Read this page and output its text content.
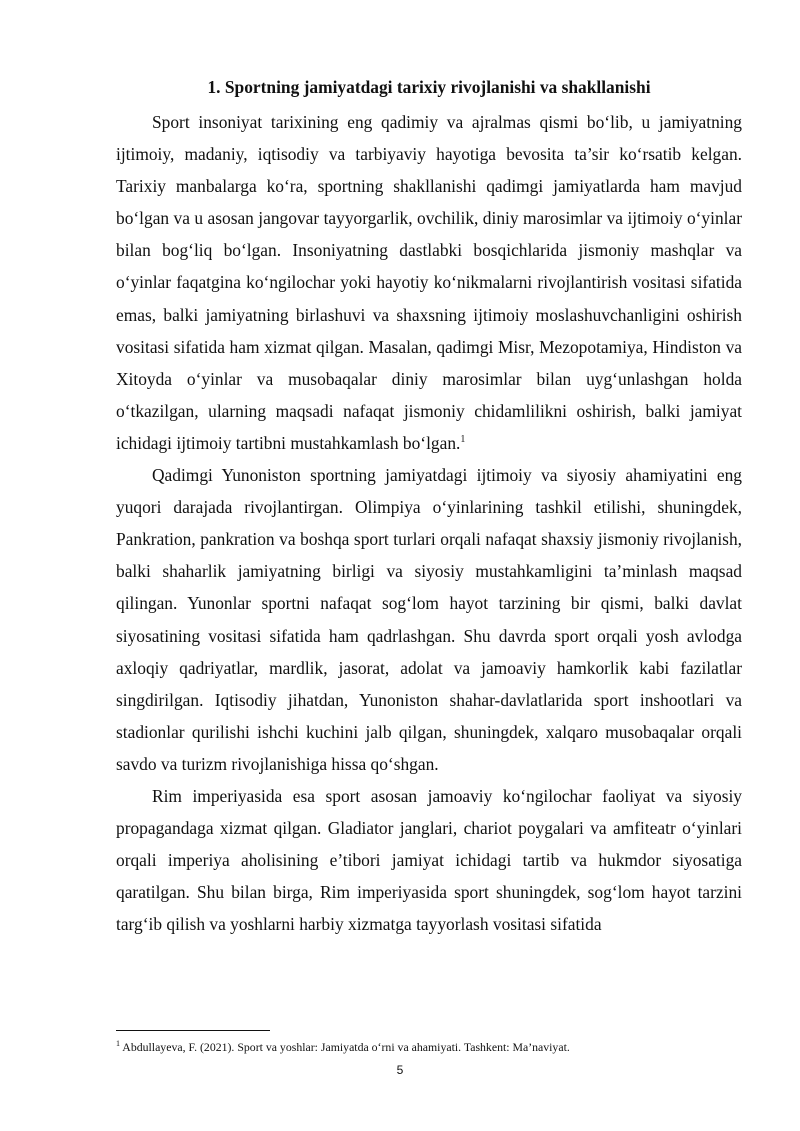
1. Sportning jamiyatdagi tarixiy rivojlanishi va shakllanishi

Sport insoniyat tarixining eng qadimiy va ajralmas qismi bo‘lib, u jamiyatning ijtimoiy, madaniy, iqtisodiy va tarbiyaviy hayotiga bevosita ta’sir ko‘rsatib kelgan. Tarixiy manbalarga ko‘ra, sportning shakllanishi qadimgi jamiyatlarda ham mavjud bo‘lgan va u asosan jangovar tayyorgarlik, ovchilik, diniy marosimlar va ijtimoiy o‘yinlar bilan bog‘liq bo‘lgan. Insoniyatning dastlabki bosqichlarida jismoniy mashqlar va o‘yinlar faqatgina ko‘ngilochar yoki hayotiy ko‘nikmalarni rivojlantirish vositasi sifatida emas, balki jamiyatning birlashuvi va shaxsning ijtimoiy moslashuvchanligini oshirish vositasi sifatida ham xizmat qilgan. Masalan, qadimgi Misr, Mezopotamiya, Hindiston va Xitoyda o‘yinlar va musobaqalar diniy marosimlar bilan uyg‘unlashgan holda o‘tkazilgan, ularning maqsadi nafaqat jismoniy chidamlilikni oshirish, balki jamiyat ichidagi ijtimoiy tartibni mustahkamlash bo‘lgan.$^1$

Qadimgi Yunoniston sportning jamiyatdagi ijtimoiy va siyosiy ahamiyatini eng yuqori darajada rivojlantirgan. Olimpiya o‘yinlarining tashkil etilishi, shuningdek, Pankration, pankration va boshqa sport turlari orqali nafaqat shaxsiy jismoniy rivojlanish, balki shaharlik jamiyatning birligi va siyosiy mustahkamligini ta’minlash maqsad qilingan. Yunonlar sportni nafaqat sog‘lom hayot tarzining bir qismi, balki davlat siyosatining vositasi sifatida ham qadrlashgan. Shu davrda sport orqali yosh avlodga axloqiy qadriyatlar, mardlik, jasorat, adolat va jamoaviy hamkorlik kabi fazilatlar singdirilgan. Iqtisodiy jihatdan, Yunoniston shahar-davlatlarida sport inshootlari va stadionlar qurilishi ishchi kuchini jalb qilgan, shuningdek, xalqaro musobaqalar orqali savdo va turizm rivojlanishiga hissa qo‘shgan.

Rim imperiyasida esa sport asosan jamoaviy ko‘ngilochar faoliyat va siyosiy propagandaga xizmat qilgan. Gladiator janglari, chariot poygalari va amfiteatr o‘yinlari orqali imperiya aholisining e’tibori jamiyat ichidagi tartib va hukmdor siyosatiga qaratilgan. Shu bilan birga, Rim imperiyasida sport shuningdek, sog‘lom hayot tarzini targ‘ib qilish va yoshlarni harbiy xizmatga tayyorlash vositasi sifatida

$^1$ Abdullayeva, F. (2021). Sport va yoshlar: Jamiyatda o‘rni va ahamiyati. Tashkent: Ma’naviyat.
5
